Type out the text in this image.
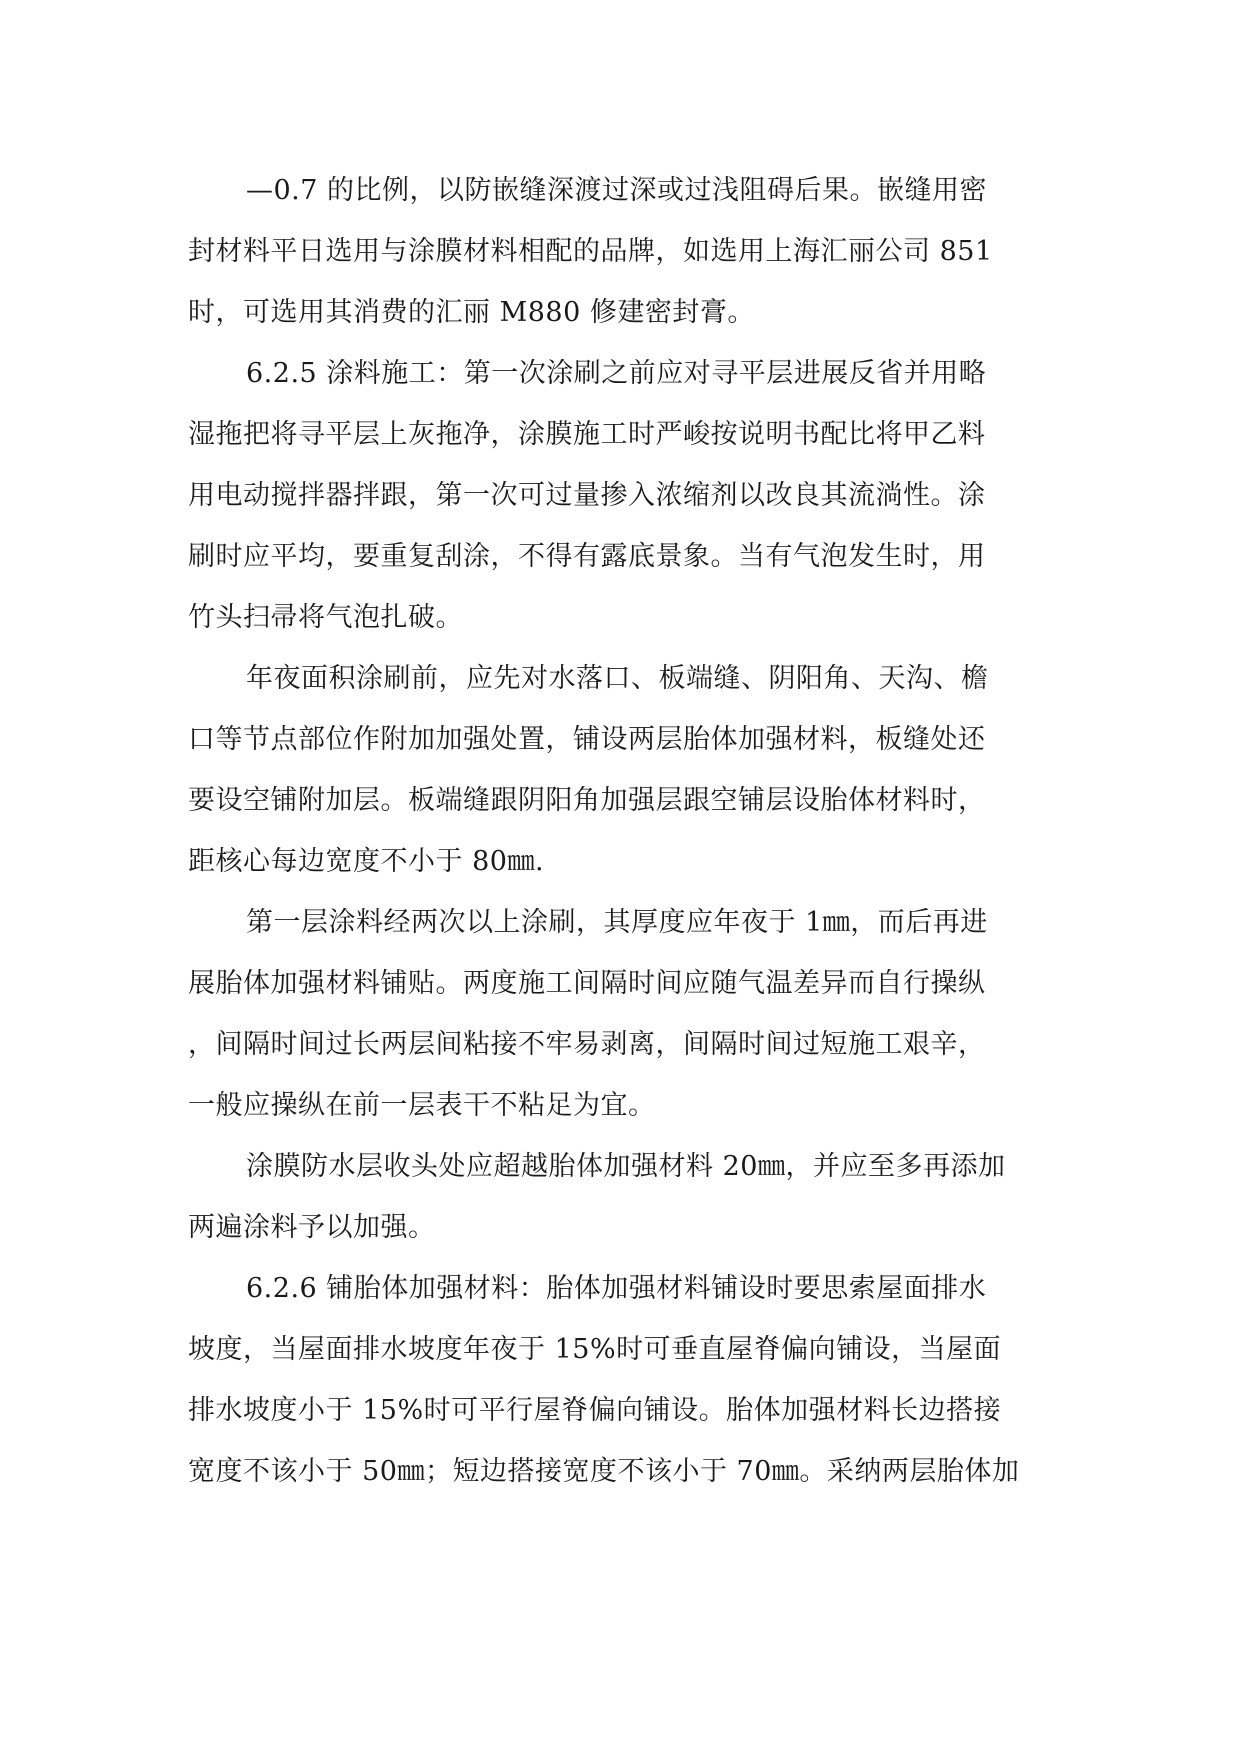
—0.7 的比例，以防嵌缝深渡过深或过浅阻碍后果。嵌缝用密
封材料平日选用与涂膜材料相配的品牌，如选用上海汇丽公司 851
时，可选用其消费的汇丽 M880 修建密封膏。
6.2.5 涂料施工：第一次涂刷之前应对寻平层进展反省并用略
湿拖把将寻平层上灰拖净，涂膜施工时严峻按说明书配比将甲乙料
用电动搅拌器拌跟，第一次可过量掺入浓缩剂以改良其流淌性。涂
刷时应平均，要重复刮涂，不得有露底景象。当有气泡发生时，用
竹头扫帚将气泡扎破。
年夜面积涂刷前，应先对水落口、板端缝、阴阳角、天沟、檐
口等节点部位作附加加强处置，铺设两层胎体加强材料，板缝处还
要设空铺附加层。板端缝跟阴阳角加强层跟空铺层设胎体材料时，
距核心每边宽度不小于 80㎜.
第一层涂料经两次以上涂刷，其厚度应年夜于 1㎜，而后再进
展胎体加强材料铺贴。两度施工间隔时间应随气温差异而自行操纵
，间隔时间过长两层间粘接不牢易剥离，间隔时间过短施工艰辛，
一般应操纵在前一层表干不粘足为宜。
涂膜防水层收头处应超越胎体加强材料 20㎜，并应至多再添加
两遍涂料予以加强。
6.2.6 铺胎体加强材料：胎体加强材料铺设时要思索屋面排水
坡度，当屋面排水坡度年夜于 15%时可垂直屋脊偏向铺设，当屋面
排水坡度小于 15%时可平行屋脊偏向铺设。胎体加强材料长边搭接
宽度不该小于 50㎜；短边搭接宽度不该小于 70㎜。采纳两层胎体加
